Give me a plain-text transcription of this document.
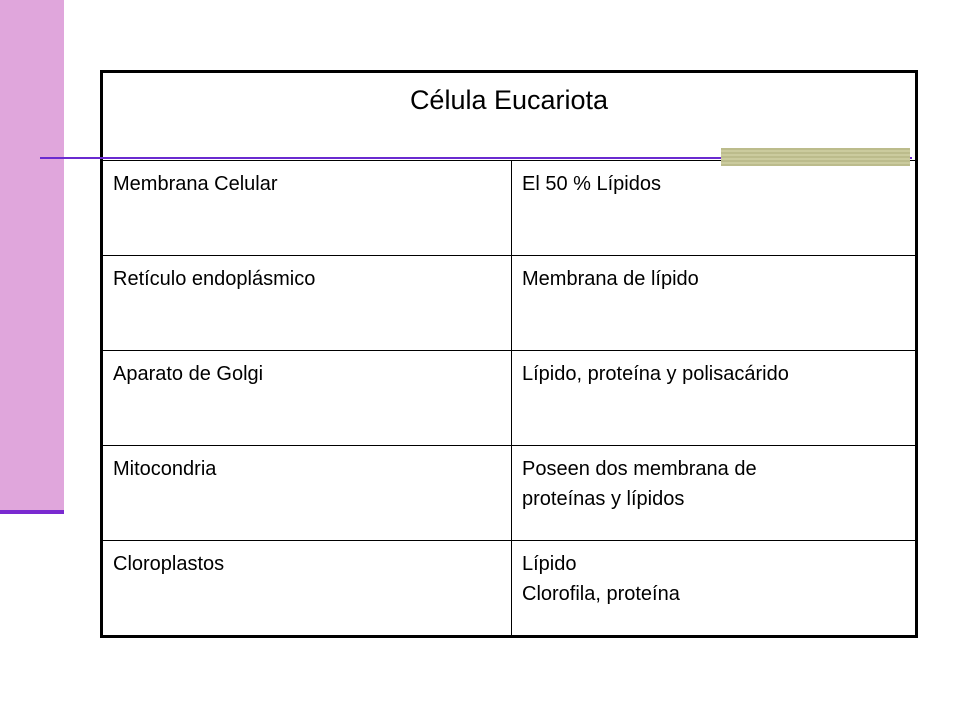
Célula Eucariota	
Membrana Celular	El 50 % Lípidos

Retículo endoplásmico	Membrana de lípido

Aparato de Golgi	Lípido, proteína y polisacárido

Mitocondria	Poseen dos membrana de
proteínas y lípidos

Cloroplastos	Lípido
Clorofila, proteína
